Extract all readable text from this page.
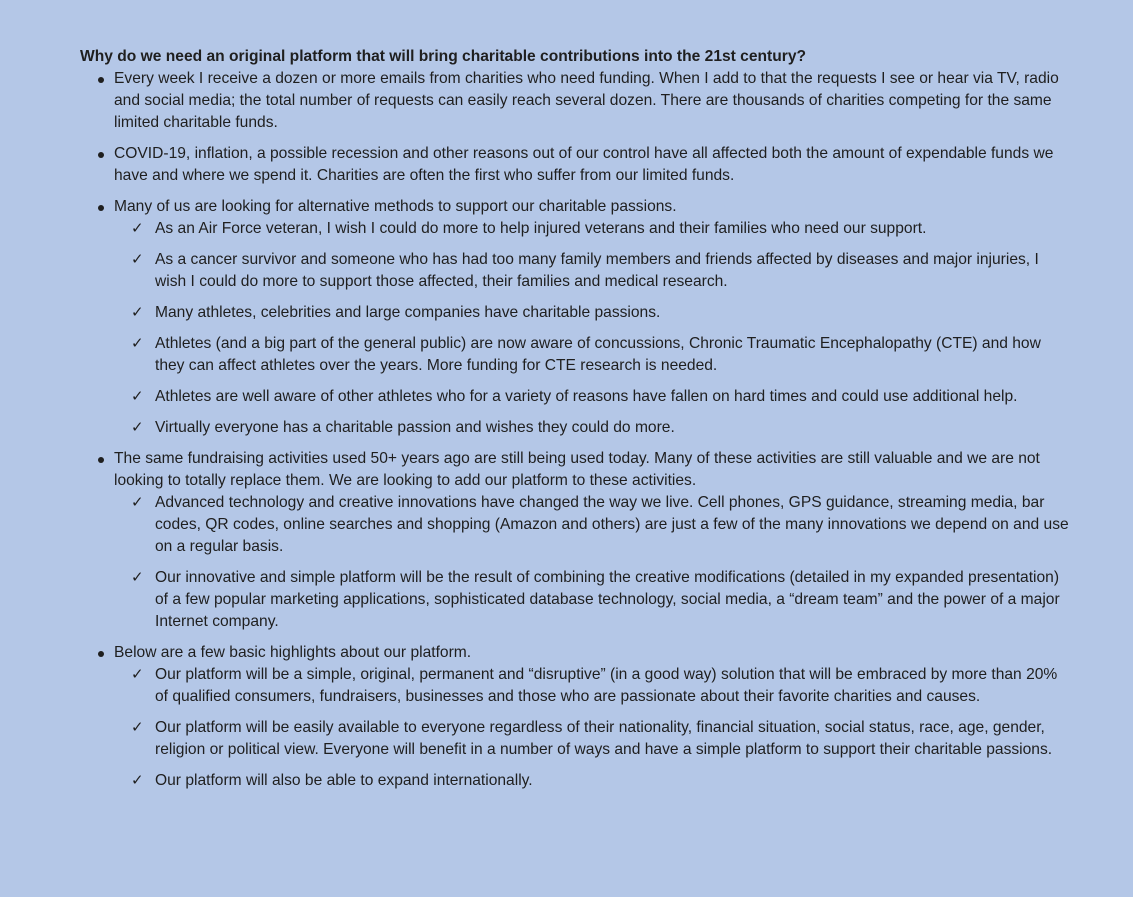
Why do we need an original platform that will bring charitable contributions into the 21st century?
Every week I receive a dozen or more emails from charities who need funding. When I add to that the requests I see or hear via TV, radio and social media; the total number of requests can easily reach several dozen. There are thousands of charities competing for the same limited charitable funds.
COVID-19, inflation, a possible recession and other reasons out of our control have all affected both the amount of expendable funds we have and where we spend it. Charities are often the first who suffer from our limited funds.
Many of us are looking for alternative methods to support our charitable passions.
✓ As an Air Force veteran, I wish I could do more to help injured veterans and their families who need our support.
✓ As a cancer survivor and someone who has had too many family members and friends affected by diseases and major injuries, I wish I could do more to support those affected, their families and medical research.
✓ Many athletes, celebrities and large companies have charitable passions.
✓ Athletes (and a big part of the general public) are now aware of concussions, Chronic Traumatic Encephalopathy (CTE) and how they can affect athletes over the years. More funding for CTE research is needed.
✓ Athletes are well aware of other athletes who for a variety of reasons have fallen on hard times and could use additional help.
✓ Virtually everyone has a charitable passion and wishes they could do more.
The same fundraising activities used 50+ years ago are still being used today. Many of these activities are still valuable and we are not looking to totally replace them. We are looking to add our platform to these activities.
✓ Advanced technology and creative innovations have changed the way we live. Cell phones, GPS guidance, streaming media, bar codes, QR codes, online searches and shopping (Amazon and others) are just a few of the many innovations we depend on and use on a regular basis.
✓ Our innovative and simple platform will be the result of combining the creative modifications (detailed in my expanded presentation) of a few popular marketing applications, sophisticated database technology, social media, a “dream team” and the power of a major Internet company.
Below are a few basic highlights about our platform.
✓ Our platform will be a simple, original, permanent and “disruptive” (in a good way) solution that will be embraced by more than 20% of qualified consumers, fundraisers, businesses and those who are passionate about their favorite charities and causes.
✓ Our platform will be easily available to everyone regardless of their nationality, financial situation, social status, race, age, gender, religion or political view. Everyone will benefit in a number of ways and have a simple platform to support their charitable passions.
✓ Our platform will also be able to expand internationally.
